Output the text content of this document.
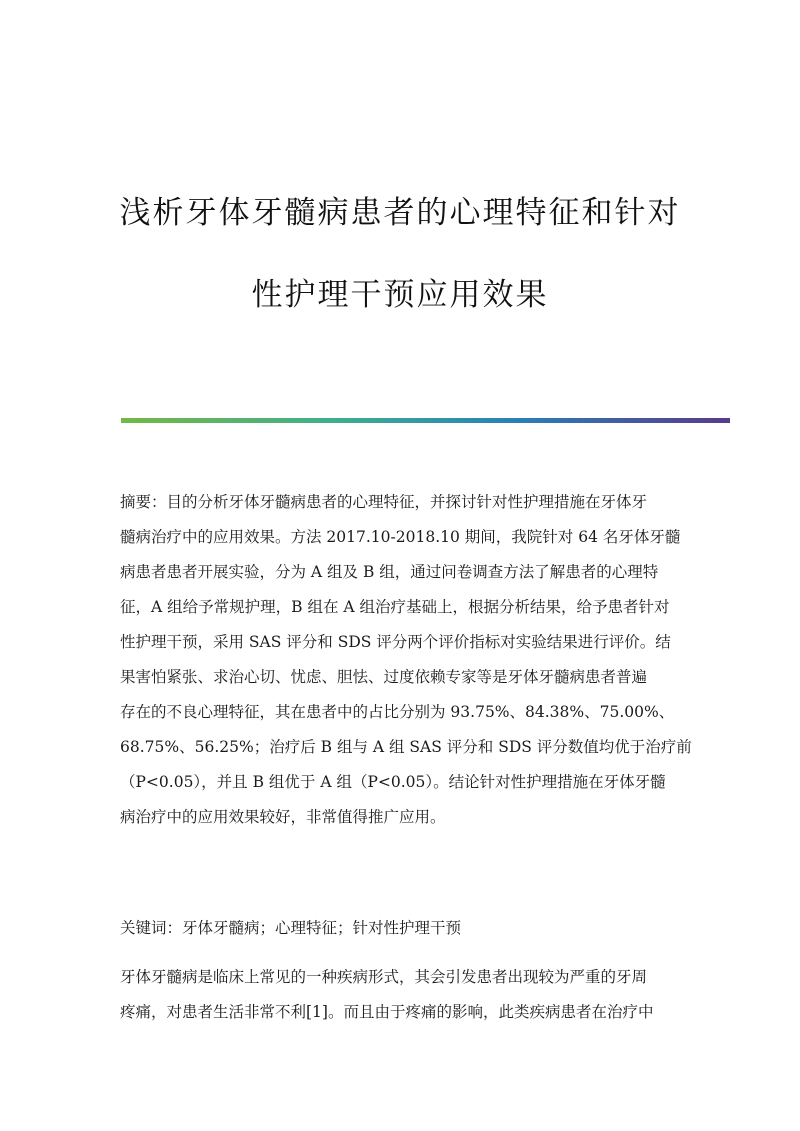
浅析牙体牙髓病患者的心理特征和针对
性护理干预应用效果
摘要：目的分析牙体牙髓病患者的心理特征，并探讨针对性护理措施在牙体牙
髓病治疗中的应用效果。方法 2017.10-2018.10 期间，我院针对 64 名牙体牙髓
病患者患者开展实验，分为 A 组及 B 组，通过问卷调查方法了解患者的心理特
征，A 组给予常规护理，B 组在 A 组治疗基础上，根据分析结果，给予患者针对
性护理干预，采用 SAS 评分和 SDS 评分两个评价指标对实验结果进行评价。结
果害怕紧张、求治心切、忧虑、胆怯、过度依赖专家等是牙体牙髓病患者普遍
存在的不良心理特征，其在患者中的占比分别为 93.75%、84.38%、75.00%、
68.75%、56.25%；治疗后 B 组与 A 组 SAS 评分和 SDS 评分数值均优于治疗前
（P<0.05），并且 B 组优于 A 组（P<0.05）。结论针对性护理措施在牙体牙髓
病治疗中的应用效果较好，非常值得推广应用。
关键词：牙体牙髓病；心理特征；针对性护理干预
牙体牙髓病是临床上常见的一种疾病形式，其会引发患者出现较为严重的牙周
疼痛，对患者生活非常不利[1]。而且由于疼痛的影响，此类疾病患者在治疗中
